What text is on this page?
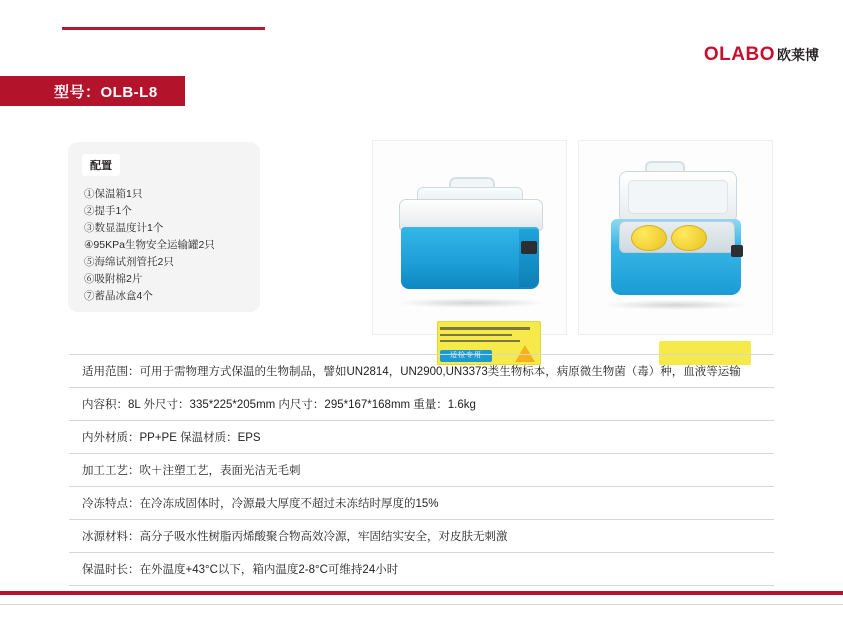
OLABO 欧莱博
型号：OLB-L8
配置
①保温箱1只
②提手1个
③数显温度计1个
④95KPa生物安全运输罐2只
⑤海绵试剂管托2只
⑥吸附棉2片
⑦蓄晶冰盒4个
适检专用
适用范围：可用于需物理方式保温的生物制品，譬如UN2814，UN2900,UN3373类生物标本，病原微生物菌（毒）种，血液等运输
内容积：8L 外尺寸：335*225*205mm 内尺寸：295*167*168mm 重量：1.6kg
内外材质：PP+PE 保温材质：EPS
加工工艺：吹＋注塑工艺，表面光洁无毛刺
冷冻特点：在冷冻成固体时，冷源最大厚度不超过未冻结时厚度的15%
冰源材料：高分子吸水性树脂丙烯酸聚合物高效冷源，牢固结实安全，对皮肤无刺激
保温时长：在外温度+43°C以下，箱内温度2-8°C可维持24小时
